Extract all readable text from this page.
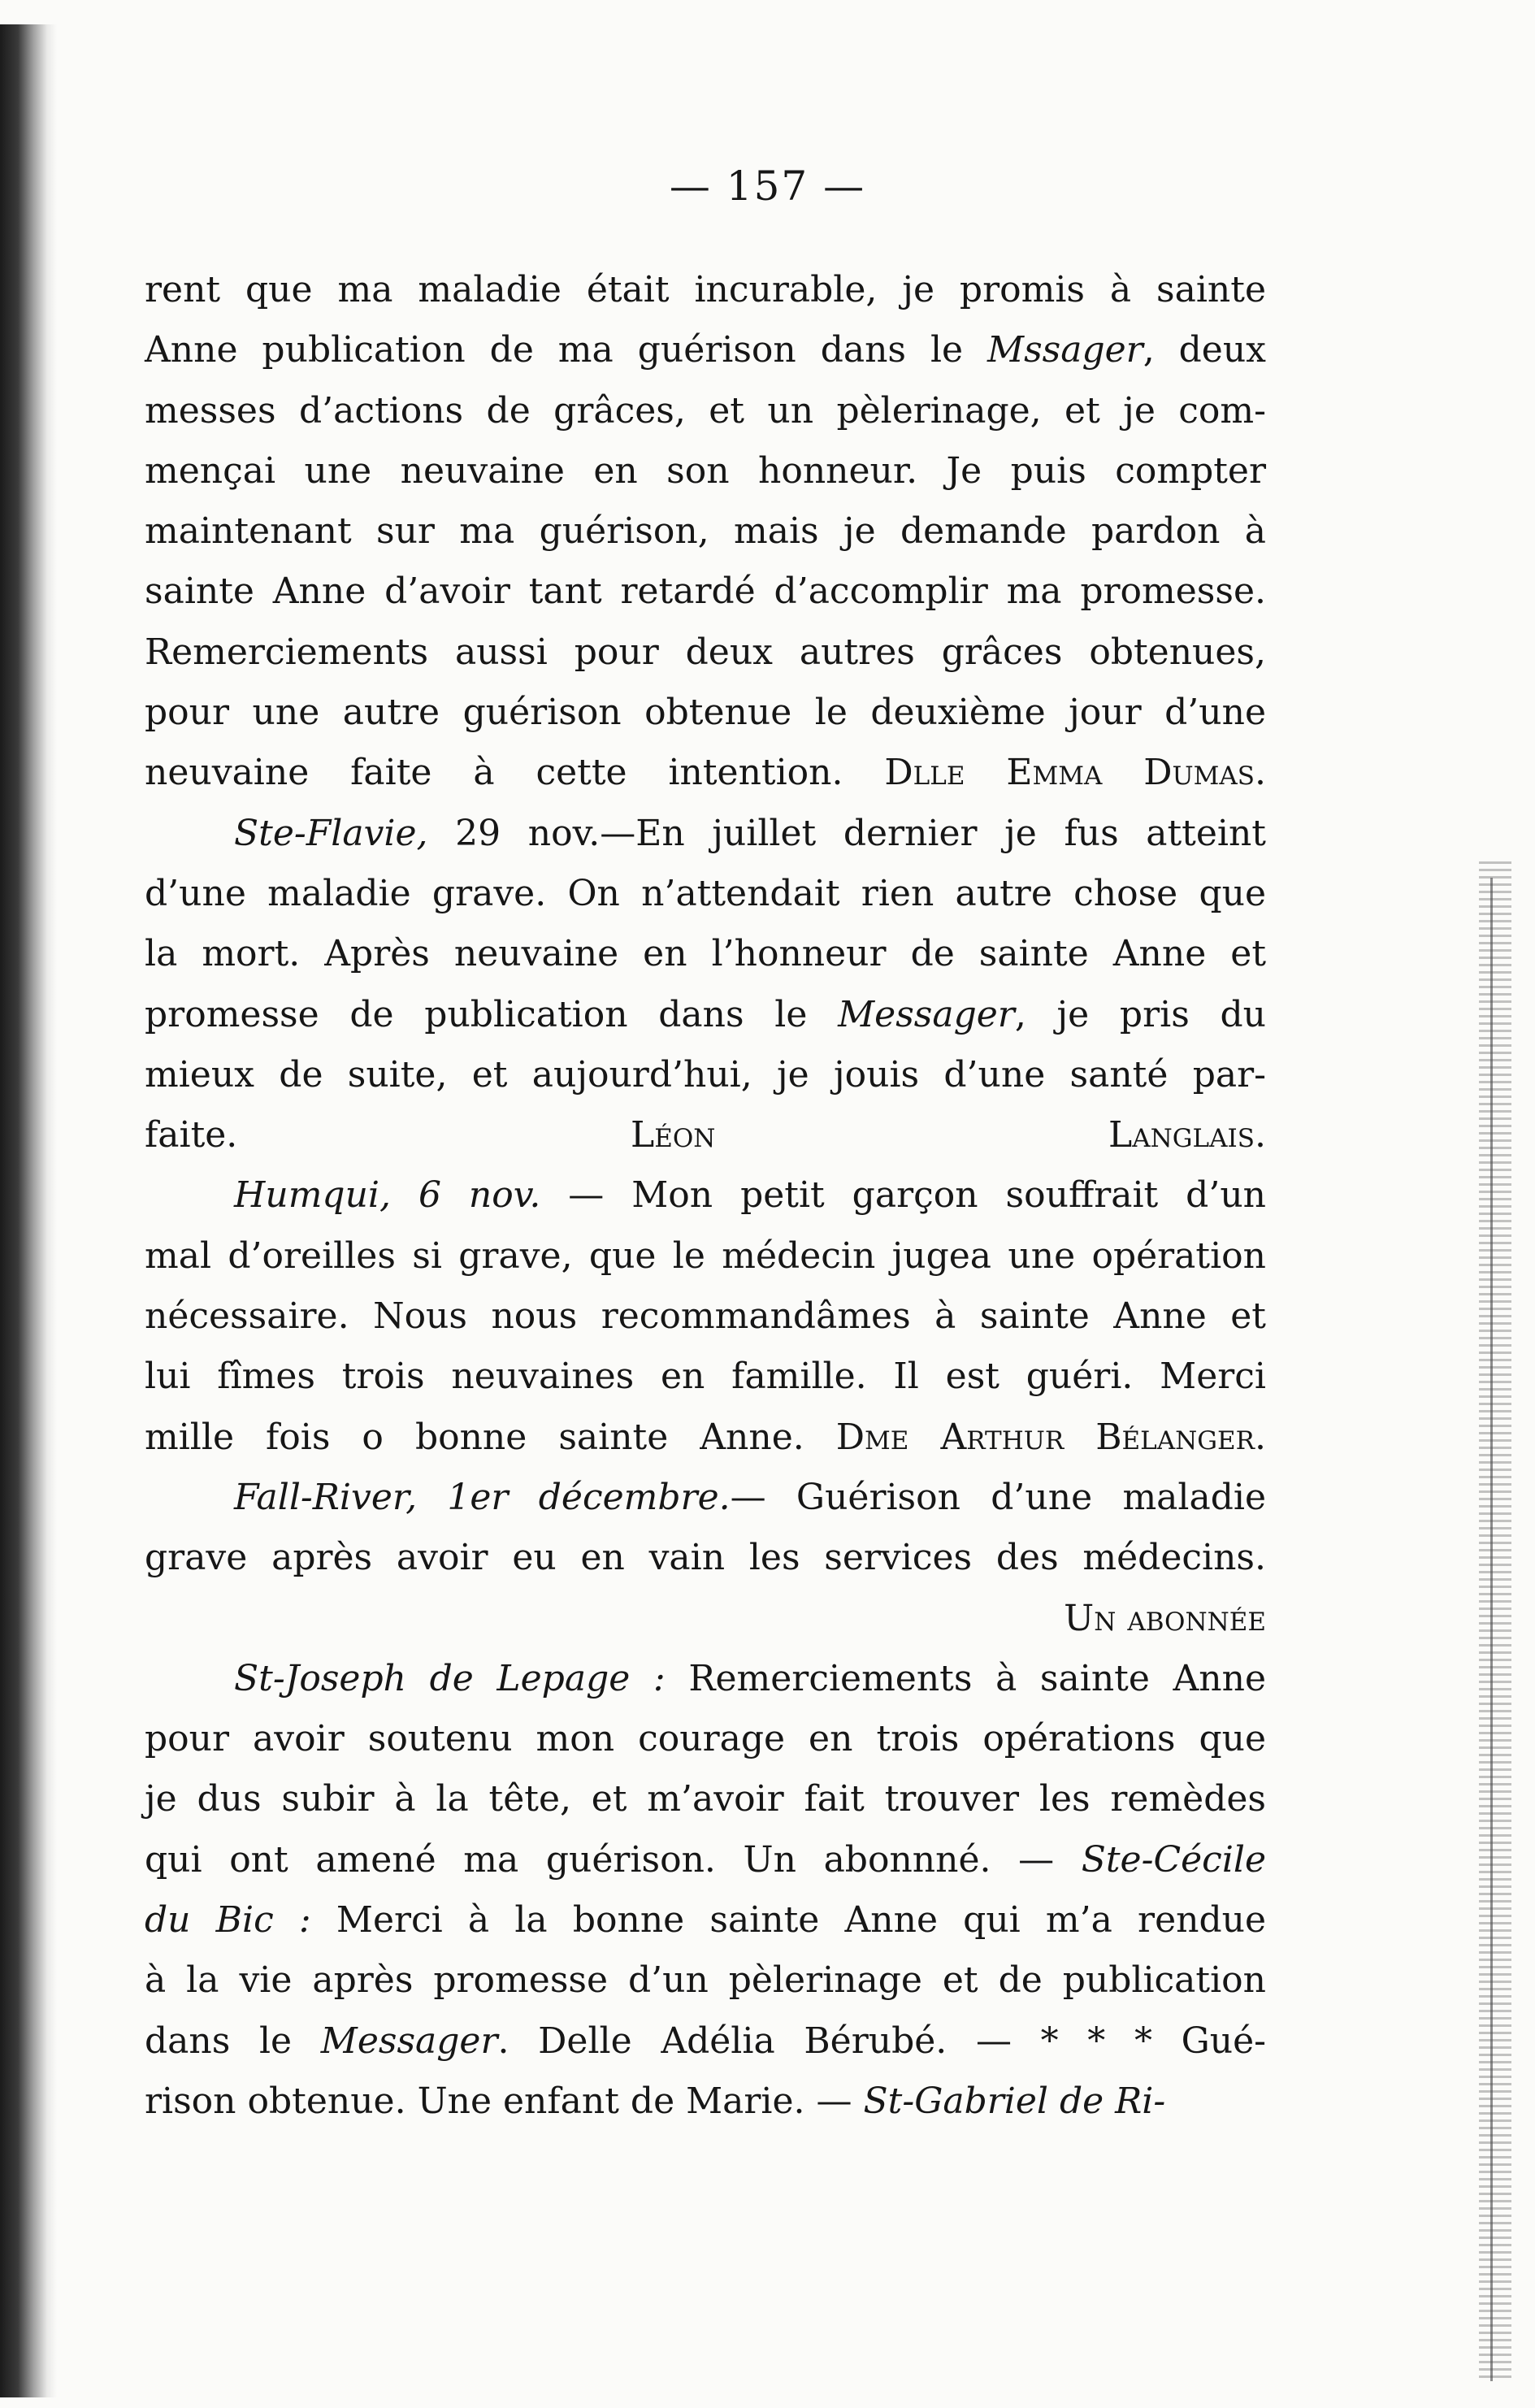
— 157 —
rent que ma maladie était incurable, je promis à sainte
Anne publication de ma guérison dans le Mssager, deux
messes d’actions de grâces, et un pèlerinage, et je com-
mençai une neuvaine en son honneur. Je puis compter
maintenant sur ma guérison, mais je demande pardon à
sainte Anne d’avoir tant retardé d’accomplir ma promesse.
Remerciements aussi pour deux autres grâces obtenues,
pour une autre guérison obtenue le deuxième jour d’une
neuvaine faite à cette intention. Dlle Emma Dumas.
Ste-Flavie, 29 nov.—En juillet dernier je fus atteint
d’une maladie grave. On n’attendait rien autre chose que
la mort. Après neuvaine en l’honneur de sainte Anne et
promesse de publication dans le Messager, je pris du
mieux de suite, et aujourd’hui, je jouis d’une santé par-
faite.	Léon Langlais.
Humqui, 6 nov. — Mon petit garçon souffrait d’un
mal d’oreilles si grave, que le médecin jugea une opération
nécessaire. Nous nous recommandâmes à sainte Anne et
lui fîmes trois neuvaines en famille. Il est guéri. Merci
mille fois o bonne sainte Anne. Dme Arthur Bélanger.
Fall-River, 1er décembre.— Guérison d’une maladie
grave après avoir eu en vain les services des médecins.
Un abonnée
St-Joseph de Lepage : Remerciements à sainte Anne
pour avoir soutenu mon courage en trois opérations que
je dus subir à la tête, et m’avoir fait trouver les remèdes
qui ont amené ma guérison. Un abonnné. — Ste-Cécile
du Bic : Merci à la bonne sainte Anne qui m’a rendue
à la vie après promesse d’un pèlerinage et de publication
dans le Messager. Delle Adélia Bérubé. — * * * Gué-
rison obtenue. Une enfant de Marie. — St-Gabriel de Ri-
